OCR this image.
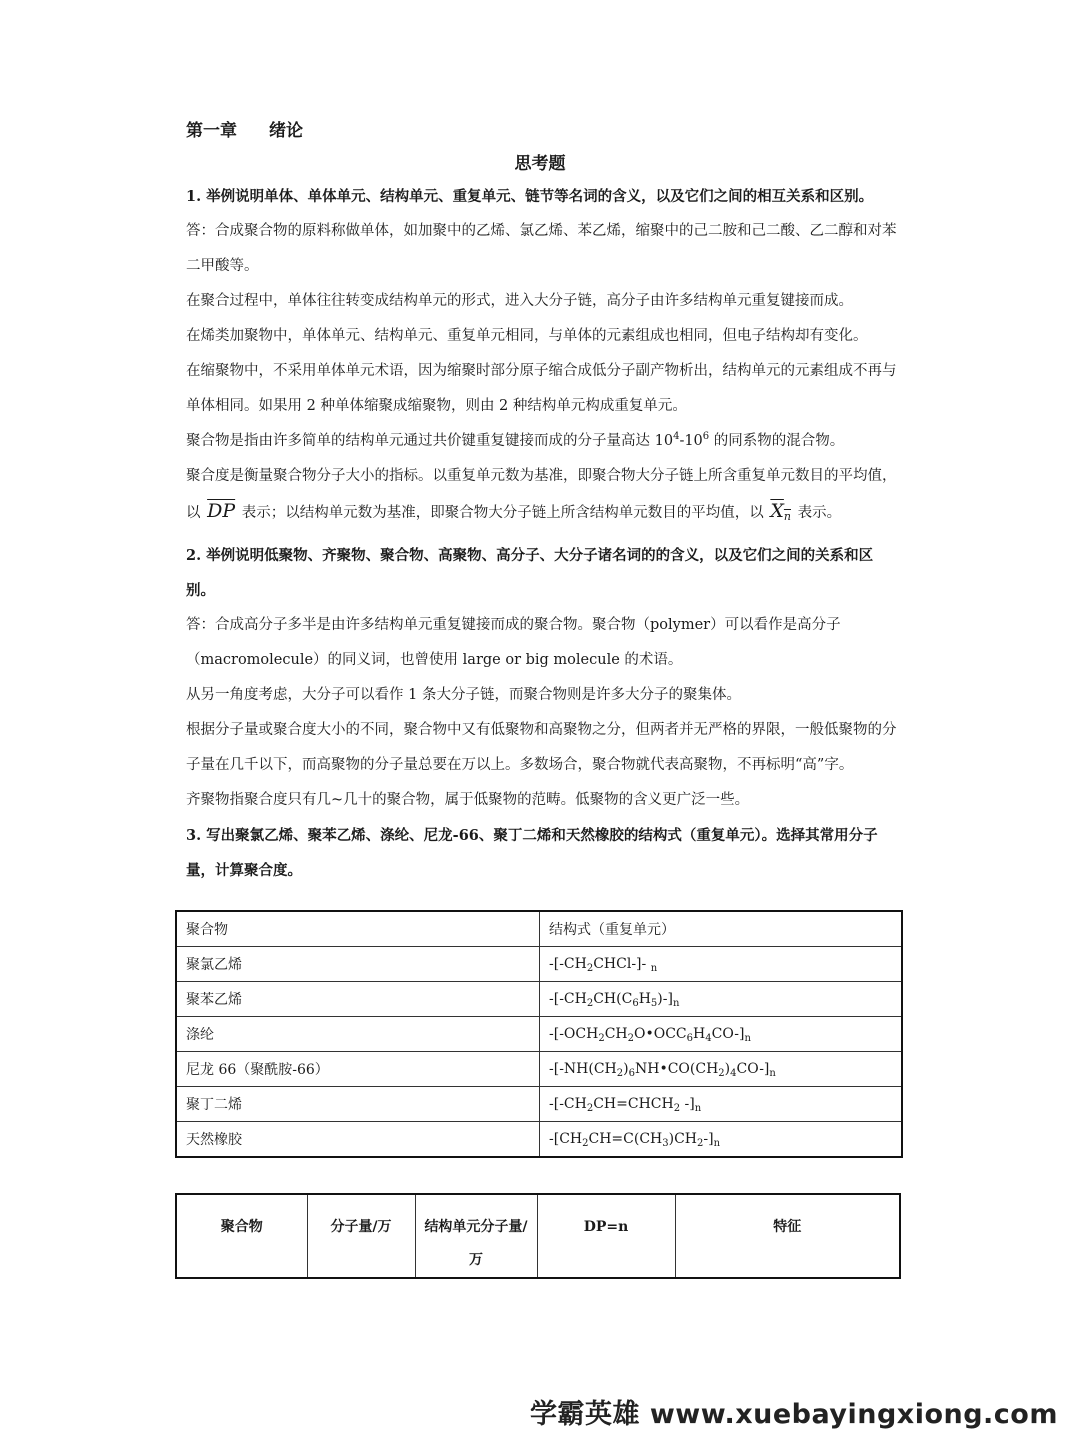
第一章 绪论
思考题

1. 举例说明单体、单体单元、结构单元、重复单元、链节等名词的含义，以及它们之间的相互关系和区别。

答：合成聚合物的原料称做单体，如加聚中的乙烯、氯乙烯、苯乙烯，缩聚中的己二胺和己二酸、乙二醇和对苯二甲酸等。

在聚合过程中，单体往往转变成结构单元的形式，进入大分子链，高分子由许多结构单元重复键接而成。

在烯类加聚物中，单体单元、结构单元、重复单元相同，与单体的元素组成也相同，但电子结构却有变化。

在缩聚物中，不采用单体单元术语，因为缩聚时部分原子缩合成低分子副产物析出，结构单元的元素组成不再与单体相同。如果用 2 种单体缩聚成缩聚物，则由 2 种结构单元构成重复单元。

聚合物是指由许多简单的结构单元通过共价键重复键接而成的分子量高达 $10^4-10^6$ 的同系物的混合物。

聚合度是衡量聚合物分子大小的指标。以重复单元数为基准，即聚合物大分子链上所含重复单元数目的平均值，以 $\overline{DP}$ 表示；以结构单元数为基准，即聚合物大分子链上所含结构单元数目的平均值，以 $X_n$ 表示。

2. 举例说明低聚物、齐聚物、聚合物、高聚物、高分子、大分子诸名词的的含义，以及它们之间的关系和区别。

答：合成高分子多半是由许多结构单元重复键接而成的聚合物。聚合物（polymer）可以看作是高分子（macromolecule）的同义词，也曾使用 large or big molecule 的术语。

从另一角度考虑，大分子可以看作 1 条大分子链，而聚合物则是许多大分子的聚集体。

根据分子量或聚合度大小的不同，聚合物中又有低聚物和高聚物之分，但两者并无严格的界限，一般低聚物的分子量在几千以下，而高聚物的分子量总要在万以上。多数场合，聚合物就代表高聚物，不再标明“高”字。

齐聚物指聚合度只有几~几十的聚合物，属于低聚物的范畴。低聚物的含义更广泛一些。

3. 写出聚氯乙烯、聚苯乙烯、涤纶、尼龙-66、聚丁二烯和天然橡胶的结构式（重复单元）。选择其常用分子量，计算聚合度。

聚合物	结构式（重复单元）
聚氯乙烯	$-[-CH_2CHCl-]-$ $_n$
聚苯乙烯	$-[-CH_2CH(C_6H_5)-]_n$
涤纶	$-[-OCH_2CH_2O•OCC_6H_4CO-]_n$
尼龙 66（聚酰胺-66）	$-[-NH(CH_2)_6NH•CO(CH_2)_4CO-]_n$
聚丁二烯	$-[-CH_2CH=CHCH_2$ $-]_n$
天然橡胶	$-[CH_2CH=C(CH_3)CH_2-]_n$
聚合物	分子量/万	结构单元分子量/万	DP=n	特征
学霸英雄 www.xuebayingxiong.com
